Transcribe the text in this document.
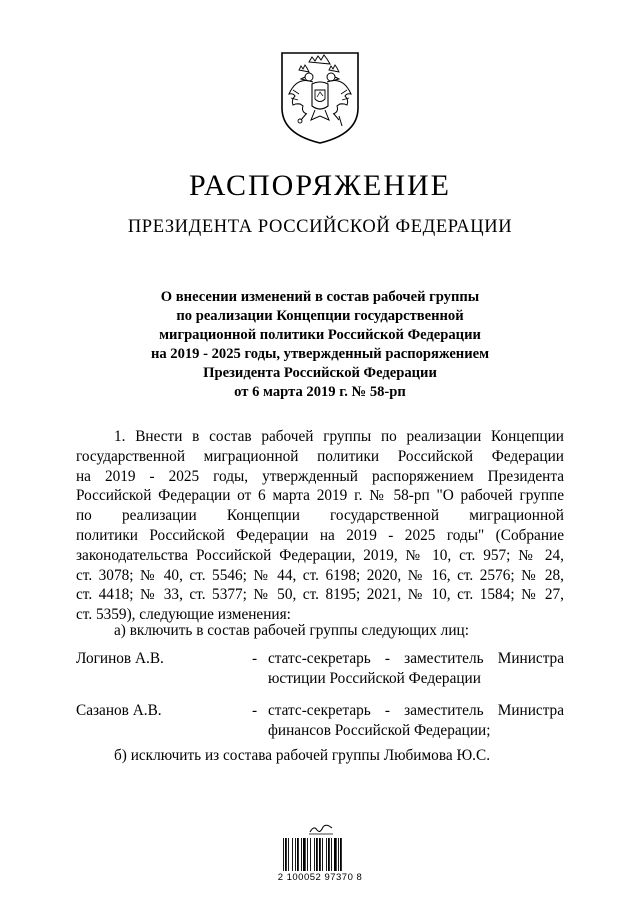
РАСПОРЯЖЕНИЕ
ПРЕЗИДЕНТА РОССИЙСКОЙ ФЕДЕРАЦИИ
О внесении изменений в состав рабочей группы
по реализации Концепции государственной
миграционной политики Российской Федерации
на 2019 - 2025 годы, утвержденный распоряжением
Президента Российской Федерации
от 6 марта 2019 г. № 58-рп
1. Внести в состав рабочей группы по реализации Концепции
государственной миграционной политики Российской Федерации
на 2019 - 2025 годы, утвержденный распоряжением Президента
Российской Федерации от 6 марта 2019 г. № 58-рп "О рабочей группе
по реализации Концепции государственной миграционной
политики Российской Федерации на 2019 - 2025 годы" (Собрание
законодательства Российской Федерации, 2019, № 10, ст. 957; № 24,
ст. 3078; № 40, ст. 5546; № 44, ст. 6198; 2020, № 16, ст. 2576; № 28,
ст. 4418; № 33, ст. 5377; № 50, ст. 8195; 2021, № 10, ст. 1584; № 27,
ст. 5359), следующие изменения:
а) включить в состав рабочей группы следующих лиц:
Логинов А.В.	- статс-секретарь - заместитель Министра
юстиции Российской Федерации
Сазанов А.В.	- статс-секретарь - заместитель Министра
финансов Российской Федерации;
б) исключить из состава рабочей группы Любимова Ю.С.
2 100052 97370 8
